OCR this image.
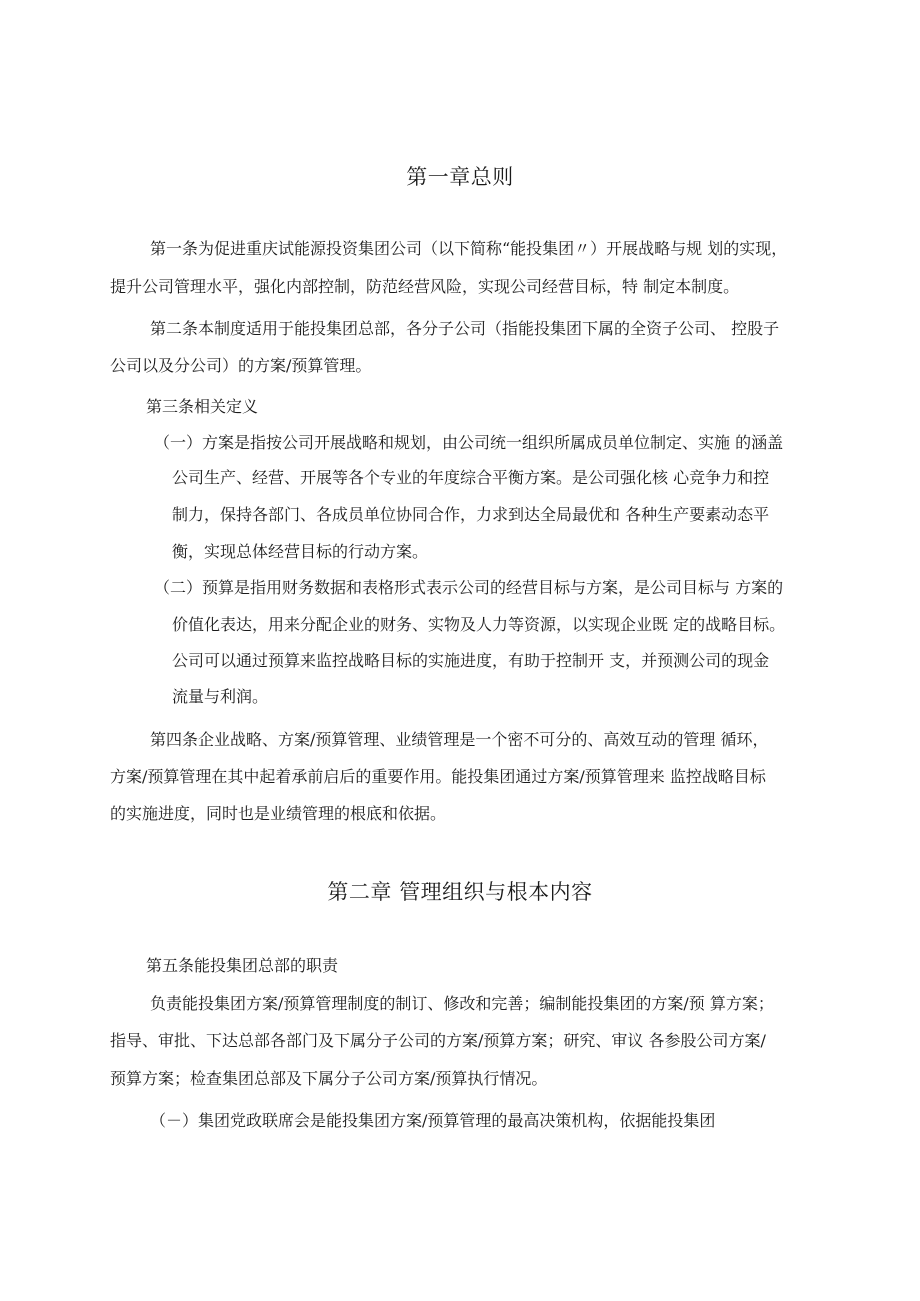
第一章总则
第一条为促进重庆试能源投资集团公司（以下简称“能投集团〃）开展战略与规 划的实现，
提升公司管理水平，强化内部控制，防范经营风险，实现公司经营目标，特 制定本制度。
第二条本制度适用于能投集团总部，各分子公司（指能投集团下属的全资子公司、 控股子
公司以及分公司）的方案/预算管理。
第三条相关定义
（一）方案是指按公司开展战略和规划，由公司统一组织所属成员单位制定、实施 的涵盖
公司生产、经营、开展等各个专业的年度综合平衡方案。是公司强化核 心竞争力和控
制力，保持各部门、各成员单位协同合作，力求到达全局最优和 各种生产要素动态平
衡，实现总体经营目标的行动方案。
（二）预算是指用财务数据和表格形式表示公司的经营目标与方案，是公司目标与 方案的
价值化表达，用来分配企业的财务、实物及人力等资源，以实现企业既 定的战略目标。
公司可以通过预算来监控战略目标的实施进度，有助于控制开 支，并预测公司的现金
流量与利润。
第四条企业战略、方案/预算管理、业绩管理是一个密不可分的、高效互动的管理 循环，
方案/预算管理在其中起着承前启后的重要作用。能投集团通过方案/预算管理来 监控战略目标
的实施进度，同时也是业绩管理的根底和依据。
第二章 管理组织与根本内容
第五条能投集团总部的职责
负责能投集团方案/预算管理制度的制订、修改和完善；编制能投集团的方案/预 算方案；
指导、审批、下达总部各部门及下属分子公司的方案/预算方案；研究、审议 各参股公司方案/
预算方案；检查集团总部及下属分子公司方案/预算执行情况。
（－）集团党政联席会是能投集团方案/预算管理的最高决策机构，依据能投集团
